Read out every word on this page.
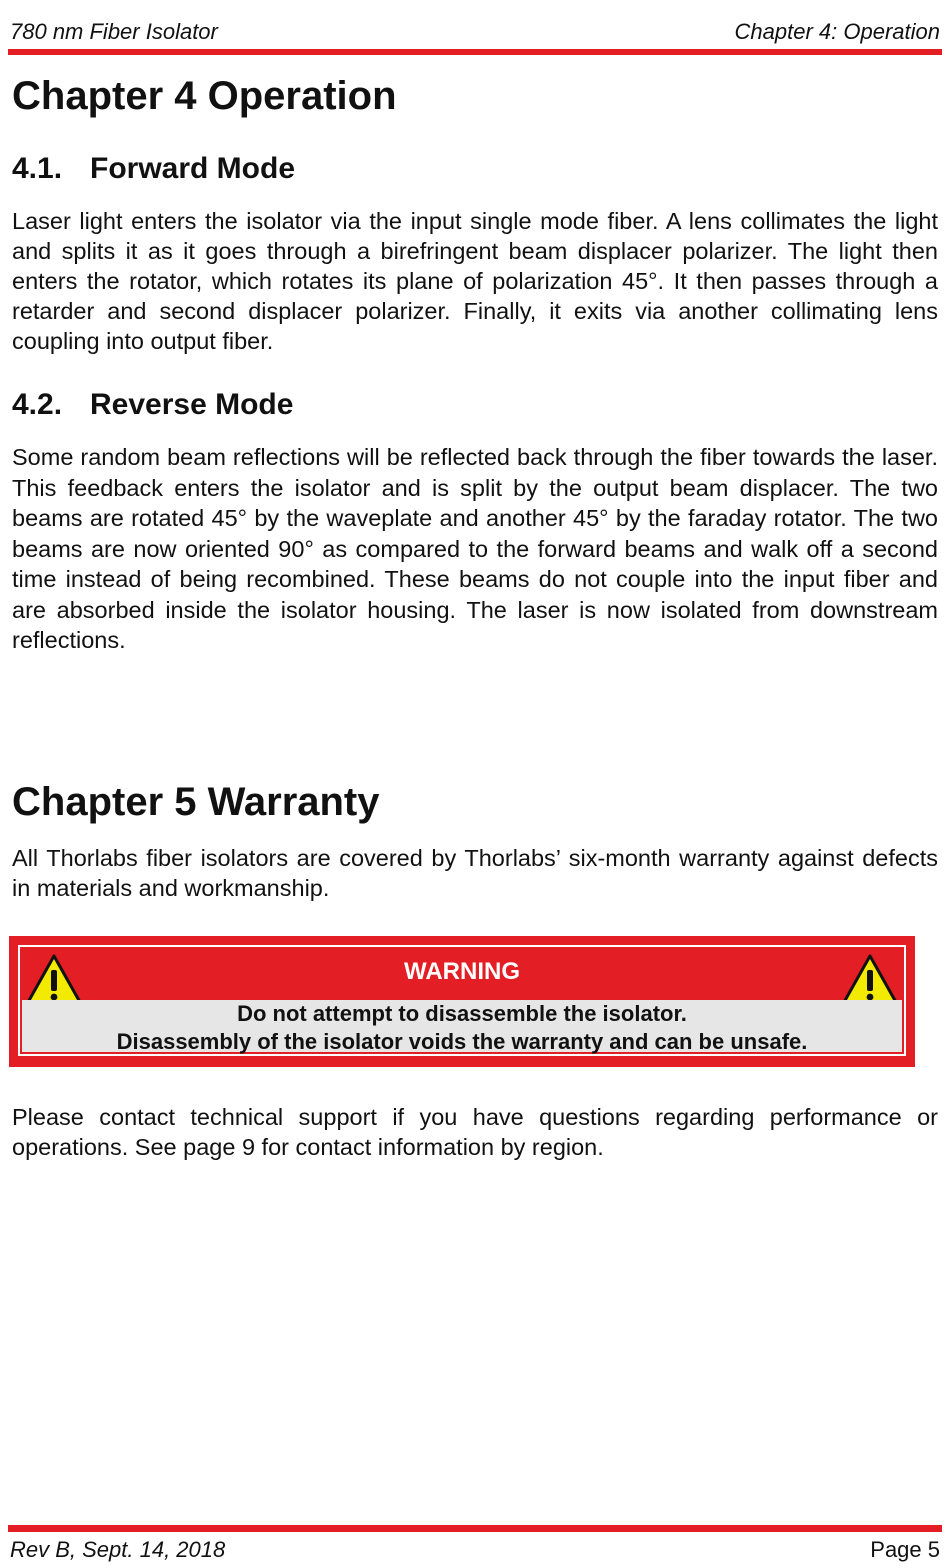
780 nm Fiber Isolator	Chapter 4: Operation
Chapter 4 Operation
4.1. Forward Mode

Laser light enters the isolator via the input single mode fiber. A lens collimates the light and splits it as it goes through a birefringent beam displacer polarizer. The light then enters the rotator, which rotates its plane of polarization 45°. It then passes through a retarder and second displacer polarizer. Finally, it exits via another collimating lens coupling into output fiber.

4.2. Reverse Mode

Some random beam reflections will be reflected back through the fiber towards the laser. This feedback enters the isolator and is split by the output beam displacer. The two beams are rotated 45° by the waveplate and another 45° by the faraday rotator. The two beams are now oriented 90° as compared to the forward beams and walk off a second time instead of being recombined. These beams do not couple into the input fiber and are absorbed inside the isolator housing. The laser is now isolated from downstream reflections.

Chapter 5 Warranty

All Thorlabs fiber isolators are covered by Thorlabs’ six-month warranty against defects in materials and workmanship.

WARNING
Do not attempt to disassemble the isolator.
Disassembly of the isolator voids the warranty and can be unsafe.

Please contact technical support if you have questions regarding performance or operations. See page 9 for contact information by region.

Rev B, Sept. 14, 2018	Page 5
